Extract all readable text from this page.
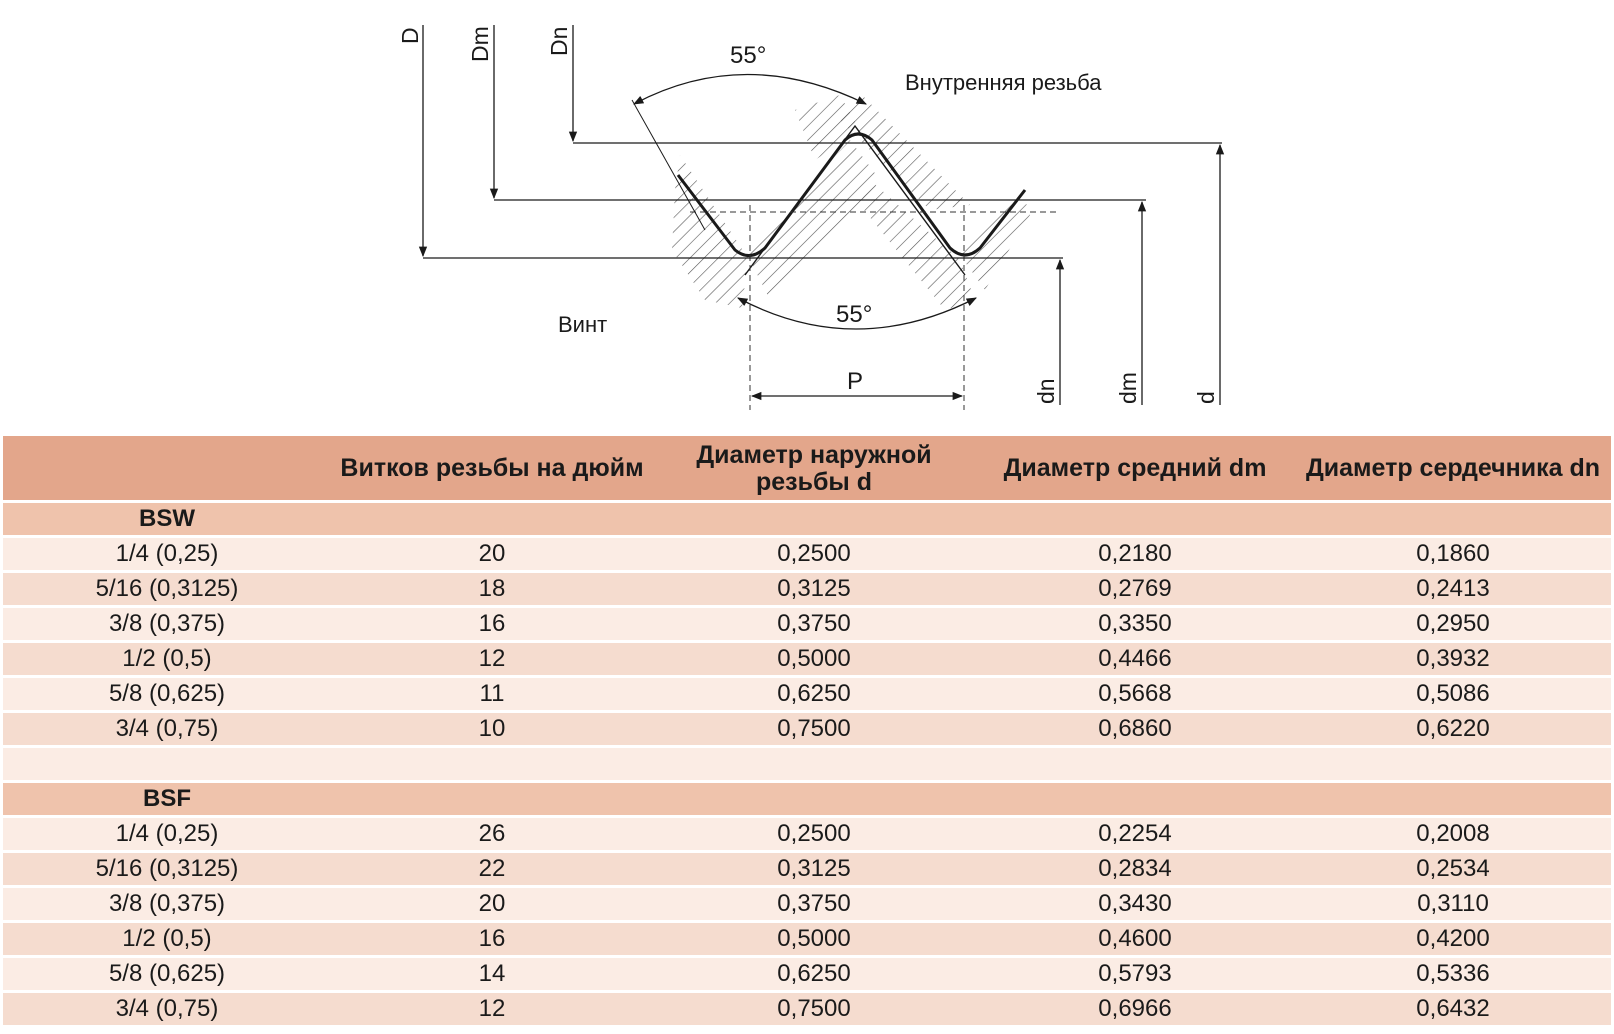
55°
55°
Внутренняя резьба
Винт
P
D Dm Dn
dn dm d
	Витков резьбы на дюйм	Диаметр наружной резьбы d	Диаметр средний dm	Диаметр сердечника dn
BSW				
1/4 (0,25)	20	0,2500	0,2180	0,1860
5/16 (0,3125)	18	0,3125	0,2769	0,2413
3/8 (0,375)	16	0,3750	0,3350	0,2950
1/2 (0,5)	12	0,5000	0,4466	0,3932
5/8 (0,625)	11	0,6250	0,5668	0,5086
3/4 (0,75)	10	0,7500	0,6860	0,6220

BSF				
1/4 (0,25)	26	0,2500	0,2254	0,2008
5/16 (0,3125)	22	0,3125	0,2834	0,2534
3/8 (0,375)	20	0,3750	0,3430	0,3110
1/2 (0,5)	16	0,5000	0,4600	0,4200
5/8 (0,625)	14	0,6250	0,5793	0,5336
3/4 (0,75)	12	0,7500	0,6966	0,6432
